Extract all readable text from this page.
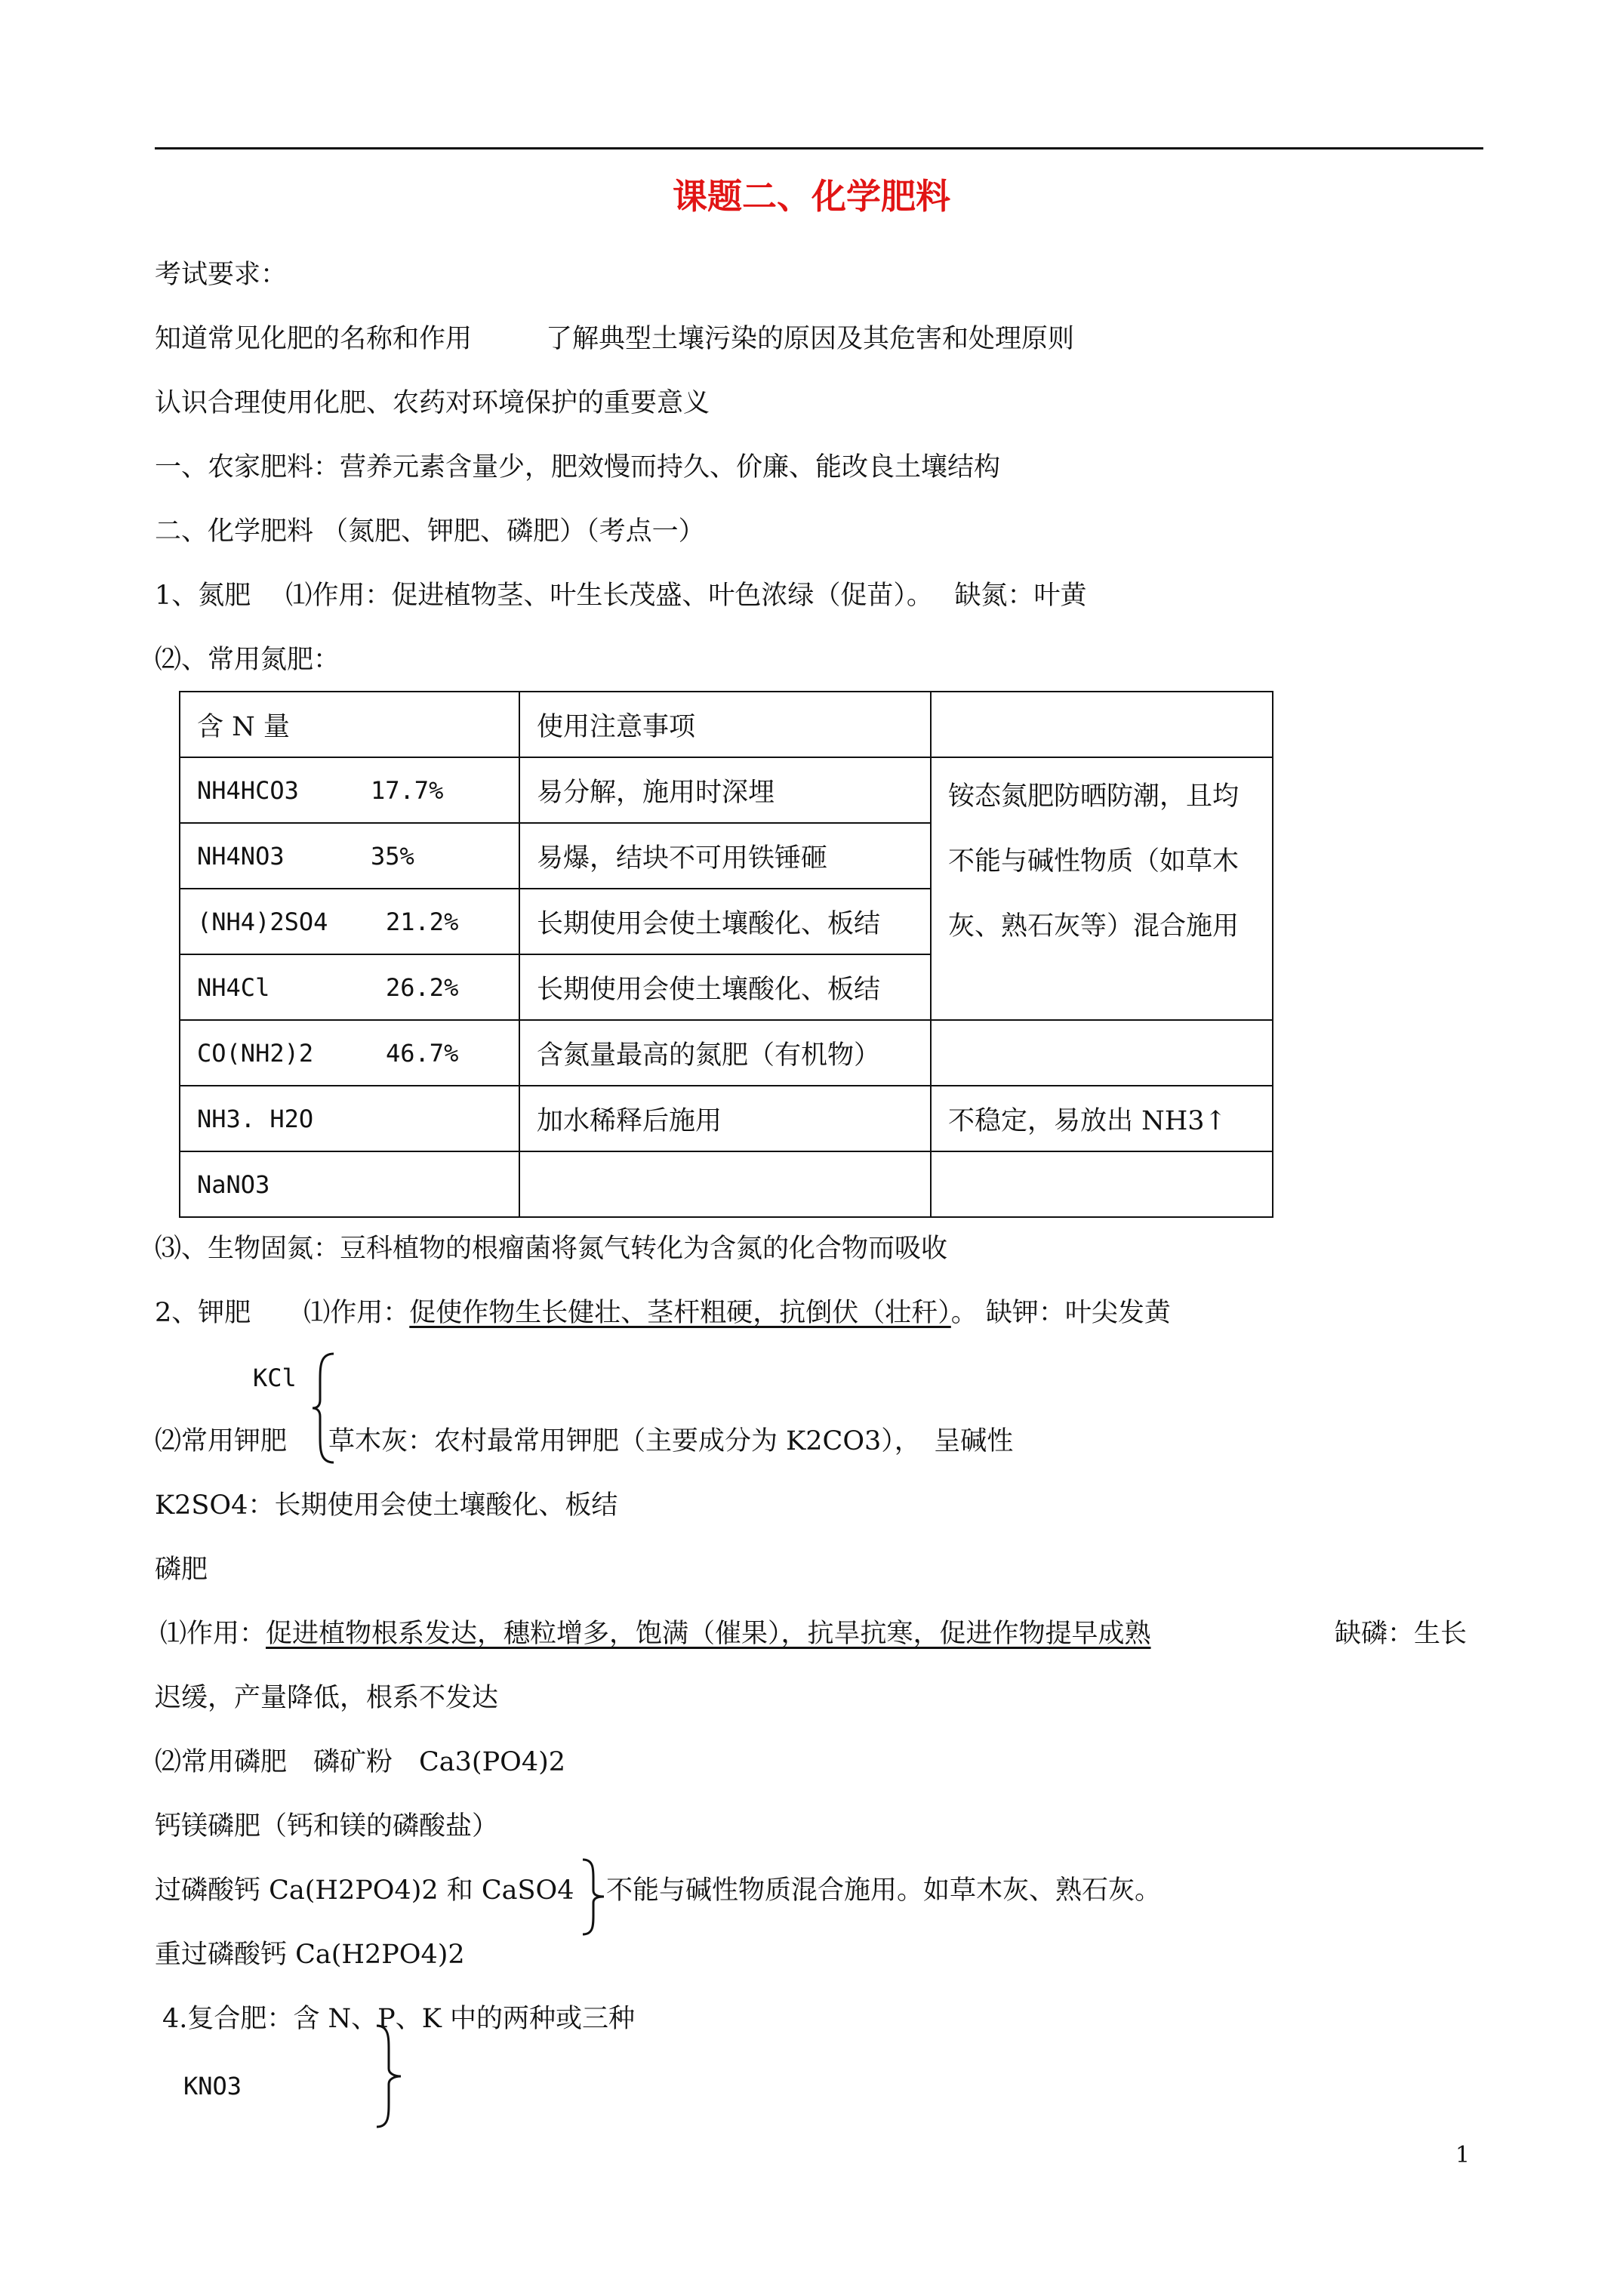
课题二、化学肥料
考试要求：
知道常见化肥的名称和作用	了解典型土壤污染的原因及其危害和处理原则
认识合理使用化肥、农药对环境保护的重要意义
一、农家肥料：营养元素含量少，肥效慢而持久、价廉、能改良土壤结构
二、化学肥料 （氮肥、钾肥、磷肥）（考点一）
1、氮肥　 ⑴作用：促进植物茎、叶生长茂盛、叶色浓绿（促苗）。　 缺氮：叶黄
⑵、常用氮肥：
含 N 量	使用注意事项	
NH4HCO3 17.7%	易分解，施用时深埋	铵态氮肥防晒防潮，且均不能与碱性物质（如草木灰、熟石灰等）混合施用
NH4NO3 35%	易爆，结块不可用铁锤砸	
(NH4)2SO4 21.2%	长期使用会使土壤酸化、板结	
NH4Cl 26.2%	长期使用会使土壤酸化、板结	
CO(NH2)2 46.7%	含氮量最高的氮肥（有机物）	
NH3. H2O	加水稀释后施用	不稳定，易放出 NH3↑
NaNO3		
⑶、生物固氮：豆科植物的根瘤菌将氮气转化为含氮的化合物而吸收
2、钾肥　　⑴作用：促使作物生长健壮、茎杆粗硬，抗倒伏（壮秆）。 缺钾：叶尖发黄
KCl
⑵常用钾肥 草木灰：农村最常用钾肥（主要成分为 K2CO3），　呈碱性
K2SO4：长期使用会使土壤酸化、板结
磷肥
⑴作用：促进植物根系发达，穗粒增多，饱满（催果），抗旱抗寒，促进作物提早成熟	缺磷：生长
迟缓，产量降低，根系不发达
⑵常用磷肥　磷矿粉　Ca3(PO4)2
钙镁磷肥（钙和镁的磷酸盐）
过磷酸钙 Ca(H2PO4)2 和 CaSO4 不能与碱性物质混合施用。如草木灰、熟石灰。
重过磷酸钙 Ca(H2PO4)2
4.复合肥：含 N、P、K 中的两种或三种
KNO3
1
